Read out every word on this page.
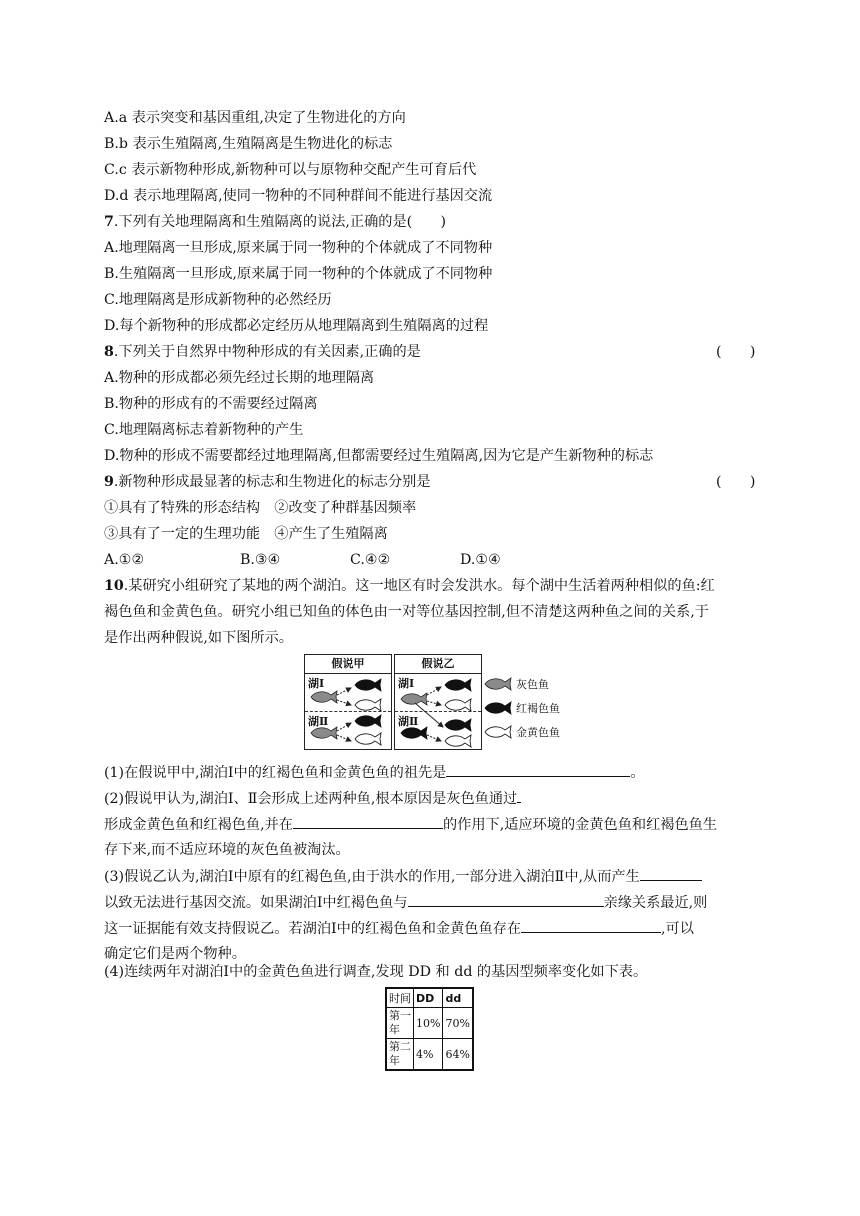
A.a 表示突变和基因重组,决定了生物进化的方向
B.b 表示生殖隔离,生殖隔离是生物进化的标志
C.c 表示新物种形成,新物种可以与原物种交配产生可育后代
D.d 表示地理隔离,使同一物种的不同种群间不能进行基因交流
7.下列有关地理隔离和生殖隔离的说法,正确的是(　　)
A.地理隔离一旦形成,原来属于同一物种的个体就成了不同物种
B.生殖隔离一旦形成,原来属于同一物种的个体就成了不同物种
C.地理隔离是形成新物种的必然经历
D.每个新物种的形成都必定经历从地理隔离到生殖隔离的过程
8.下列关于自然界中物种形成的有关因素,正确的是	(　　)
A.物种的形成都必须先经过长期的地理隔离
B.物种的形成有的不需要经过隔离
C.地理隔离标志着新物种的产生
D.物种的形成不需要都经过地理隔离,但都需要经过生殖隔离,因为它是产生新物种的标志
9.新物种形成最显著的标志和生物进化的标志分别是	(　　)
①具有了特殊的形态结构　②改变了种群基因频率
③具有了一定的生理功能　④产生了生殖隔离
A.①②	B.③④	C.④②	D.①④
10.某研究小组研究了某地的两个湖泊。这一地区有时会发洪水。每个湖中生活着两种相似的鱼:红
褐色鱼和金黄色鱼。研究小组已知鱼的体色由一对等位基因控制,但不清楚这两种鱼之间的关系,于
是作出两种假说,如下图所示。
假说甲
湖Ⅰ
湖Ⅱ
假说乙
湖Ⅰ
湖Ⅱ
灰色鱼
红褐色鱼
金黄色鱼
(1)在假说甲中,湖泊Ⅰ中的红褐色鱼和金黄色鱼的祖先是	。
(2)假说甲认为,湖泊Ⅰ、Ⅱ会形成上述两种鱼,根本原因是灰色鱼通过
形成金黄色鱼和红褐色鱼,并在	的作用下,适应环境的金黄色鱼和红褐色鱼生
存下来,而不适应环境的灰色鱼被淘汰。
(3)假说乙认为,湖泊Ⅰ中原有的红褐色鱼,由于洪水的作用,一部分进入湖泊Ⅱ中,从而产生
以致无法进行基因交流。如果湖泊Ⅰ中红褐色鱼与	亲缘关系最近,则
这一证据能有效支持假说乙。若湖泊Ⅰ中的红褐色鱼和金黄色鱼存在	,可以
确定它们是两个物种。
(4)连续两年对湖泊Ⅰ中的金黄色鱼进行调查,发现 DD 和 dd 的基因型频率变化如下表。
时间	DD	dd
第一年	10%	70%
第二年	4%	64%
